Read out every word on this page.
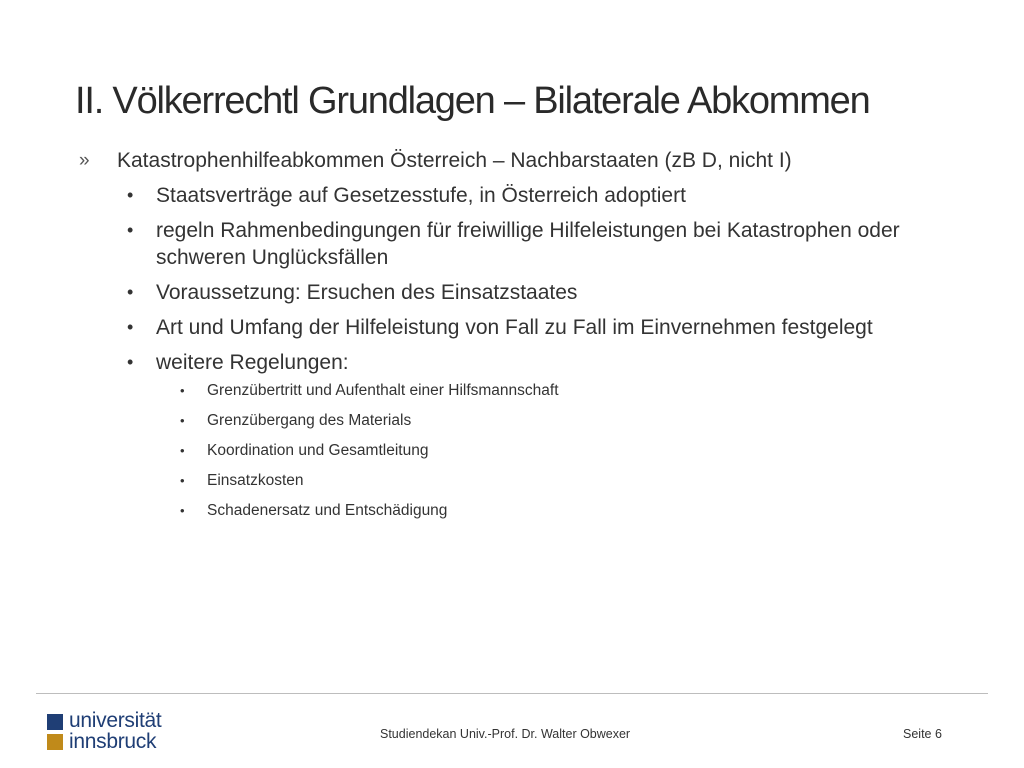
II. Völkerrechtl Grundlagen – Bilaterale Abkommen
» Katastrophenhilfeabkommen Österreich – Nachbarstaaten (zB D, nicht I)
• Staatsverträge auf Gesetzesstufe, in Österreich adoptiert
• regeln Rahmenbedingungen für freiwillige Hilfeleistungen bei Katastrophen oder schweren Unglücksfällen
• Voraussetzung: Ersuchen des Einsatzstaates
• Art und Umfang der Hilfeleistung von Fall zu Fall im Einvernehmen festgelegt
• weitere Regelungen:
• Grenzübertritt und Aufenthalt einer Hilfsmannschaft
• Grenzübergang des Materials
• Koordination und Gesamtleitung
• Einsatzkosten
• Schadenersatz und Entschädigung
universität
innsbruck	Studiendekan Univ.-Prof. Dr. Walter Obwexer	Seite 6
